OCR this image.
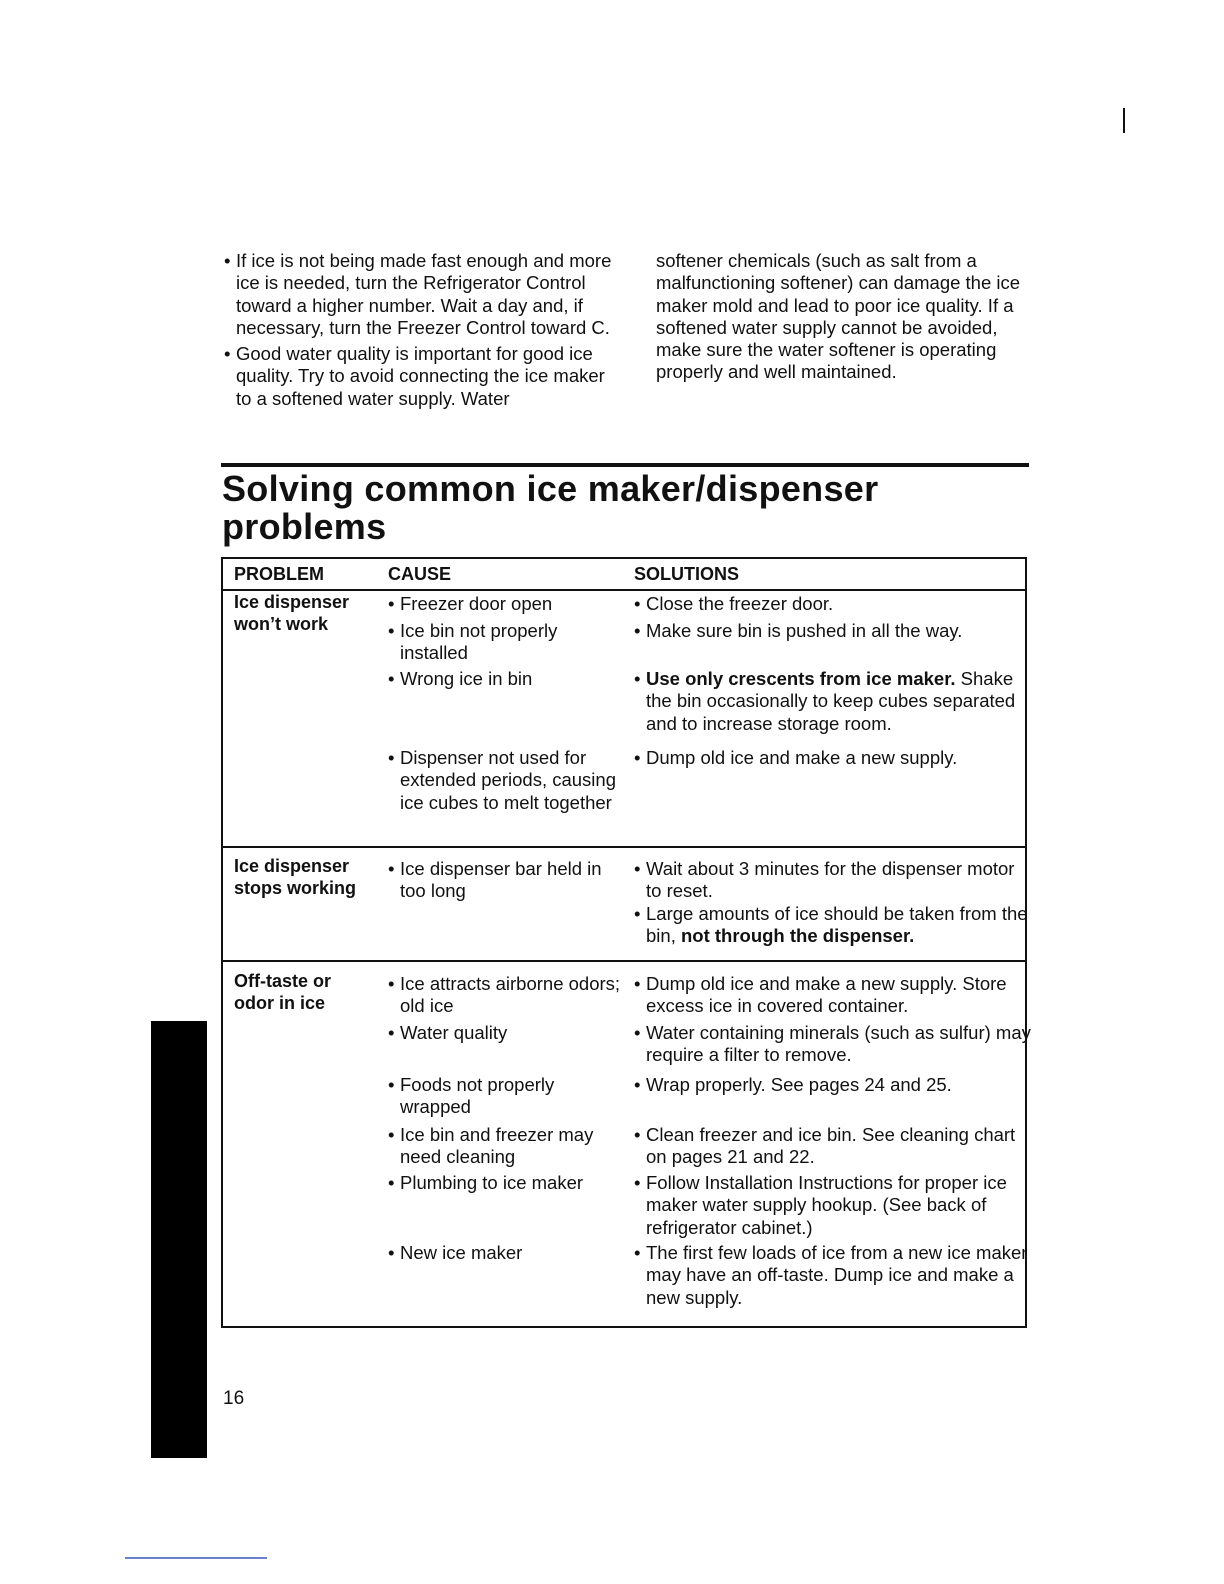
• If ice is not being made fast enough and more ice is needed, turn the Refrigerator Control toward a higher number. Wait a day and, if necessary, turn the Freezer Control toward C.
• Good water quality is important for good ice quality. Try to avoid connecting the ice maker to a softened water supply. Water
softener chemicals (such as salt from a malfunctioning softener) can damage the ice maker mold and lead to poor ice quality. If a softened water supply cannot be avoided, make sure the water softener is operating properly and well maintained.
Solving common ice maker/dispenser
problems
PROBLEM	CAUSE	SOLUTIONS
Ice dispenser won’t work
• Freezer door open
• Ice bin not properly installed
• Wrong ice in bin
• Dispenser not used for extended periods, causing ice cubes to melt together
• Close the freezer door.
• Make sure bin is pushed in all the way.
• Use only crescents from ice maker. Shake the bin occasionally to keep cubes separated and to increase storage room.
• Dump old ice and make a new supply.
Ice dispenser stops working
• Ice dispenser bar held in too long
• Wait about 3 minutes for the dispenser motor to reset.
• Large amounts of ice should be taken from the bin, not through the dispenser.
Off-taste or odor in ice
• Ice attracts airborne odors; old ice
• Water quality
• Foods not properly wrapped
• Ice bin and freezer may need cleaning
• Plumbing to ice maker
• New ice maker
• Dump old ice and make a new supply. Store excess ice in covered container.
• Water containing minerals (such as sulfur) may require a filter to remove.
• Wrap properly. See pages 24 and 25.
• Clean freezer and ice bin. See cleaning chart on pages 21 and 22.
• Follow Installation Instructions for proper ice maker water supply hookup. (See back of refrigerator cabinet.)
• The first few loads of ice from a new ice maker may have an off-taste. Dump ice and make a new supply.
16
